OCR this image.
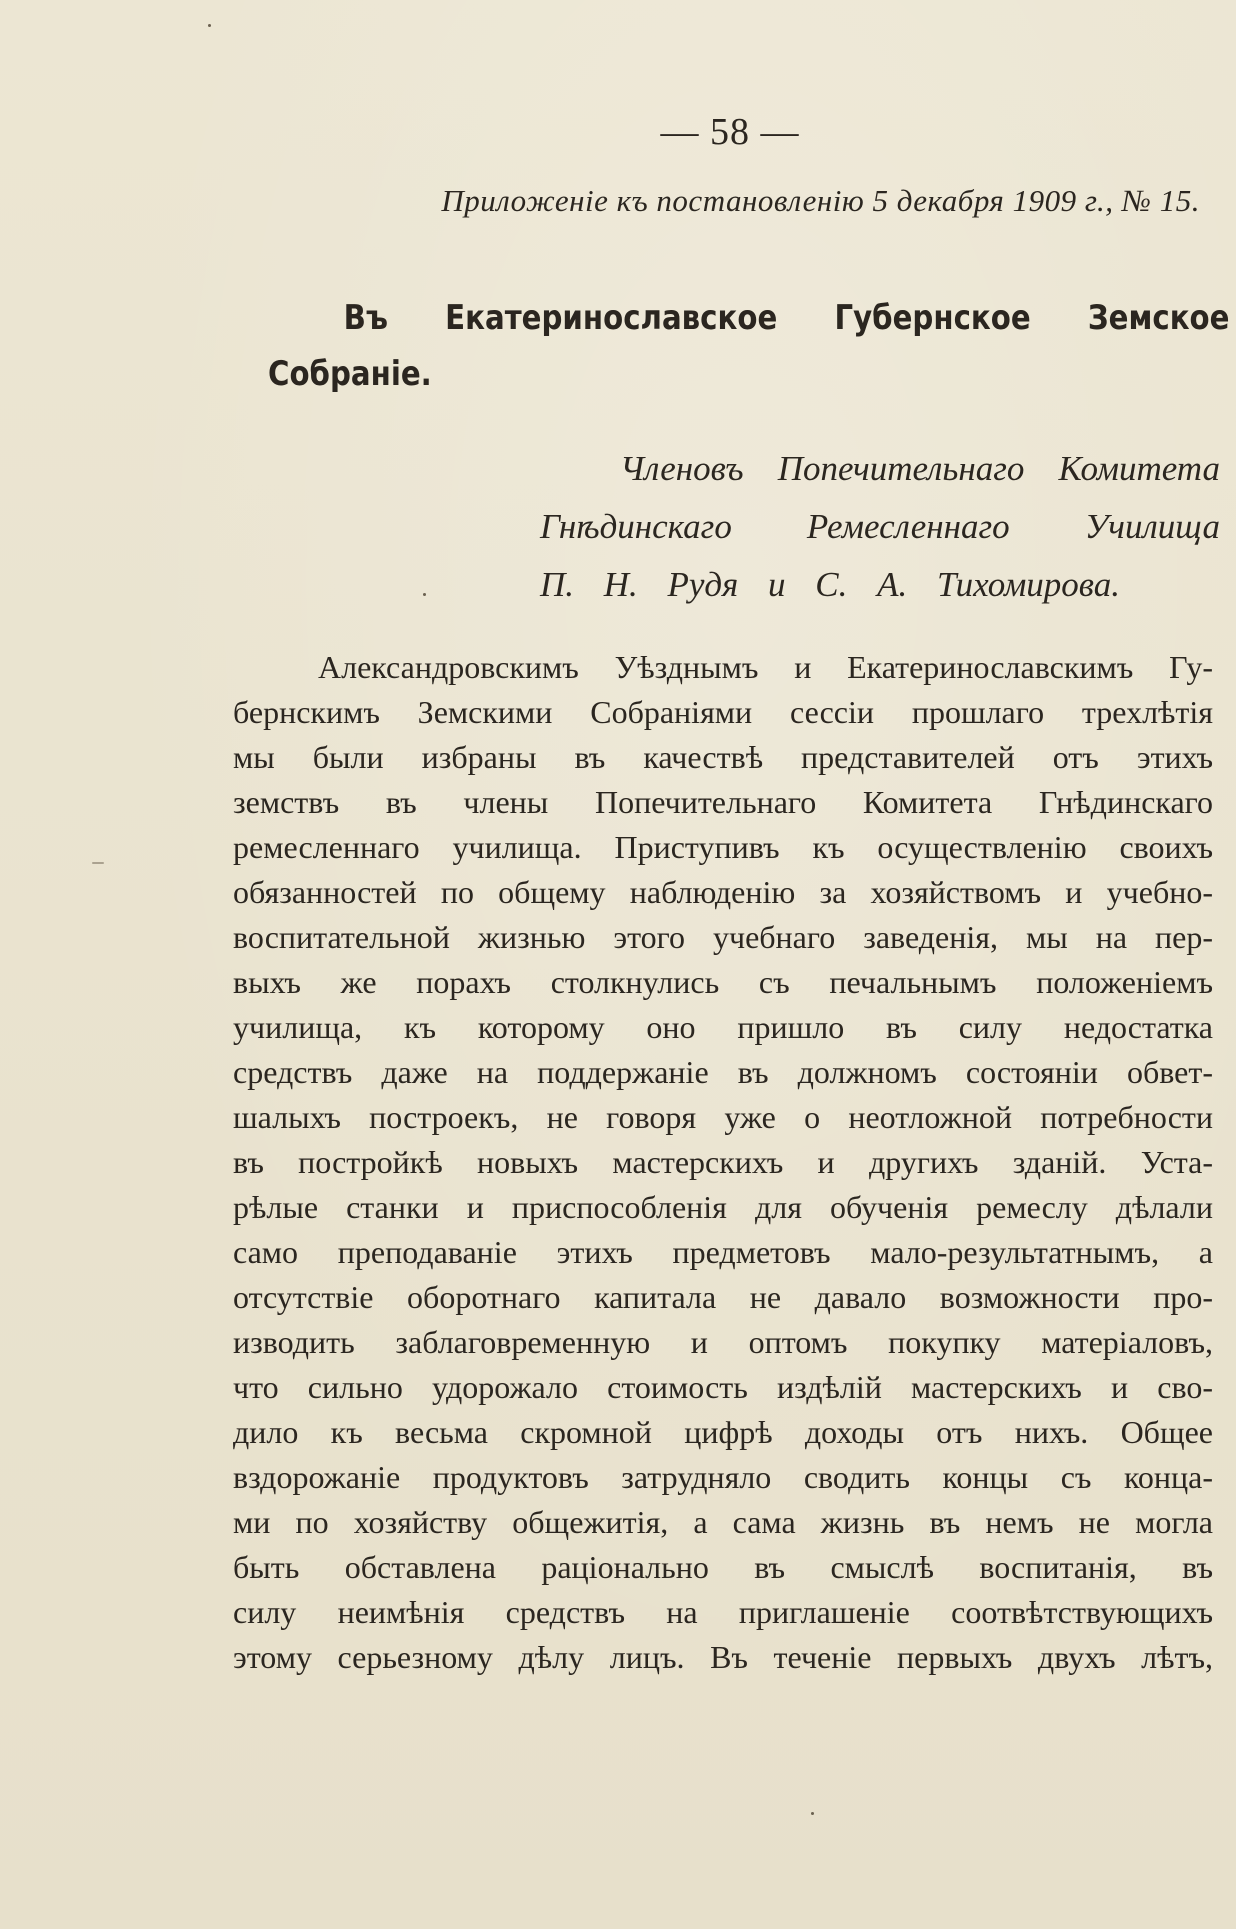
— 58 —
Приложеніе къ постановленію 5 декабря 1909 г., № 15.
Въ Екатеринославское Губернское Земское
Собраніе.
Членовъ Попечительнаго Комитета
Гнѣдинскаго Ремесленнаго Училища
П. Н. Рудя и С. А. Тихомирова.
Александровскимъ Уѣзднымъ и Екатеринославскимъ Гу-
бернскимъ Земскими Собраніями сессіи прошлаго трехлѣтія
мы были избраны въ качествѣ представителей отъ этихъ
земствъ въ члены Попечительнаго Комитета Гнѣдинскаго
ремесленнаго училища. Приступивъ къ осуществленію своихъ
обязанностей по общему наблюденію за хозяйствомъ и учебно-
воспитательной жизнью этого учебнаго заведенія, мы на пер-
выхъ же порахъ столкнулись съ печальнымъ положеніемъ
училища, къ которому оно пришло въ силу недостатка
средствъ даже на поддержаніе въ должномъ состояніи обвет-
шалыхъ построекъ, не говоря уже о неотложной потребности
въ постройкѣ новыхъ мастерскихъ и другихъ зданій. Уста-
рѣлые станки и приспособленія для обученія ремеслу дѣлали
само преподаваніе этихъ предметовъ мало-результатнымъ, а
отсутствіе оборотнаго капитала не давало возможности про-
изводить заблаговременную и оптомъ покупку матеріаловъ,
что сильно удорожало стоимость издѣлій мастерскихъ и сво-
дило къ весьма скромной цифрѣ доходы отъ нихъ. Общее
вздорожаніе продуктовъ затрудняло сводить концы съ конца-
ми по хозяйству общежитія, а сама жизнь въ немъ не могла
быть обставлена раціонально въ смыслѣ воспитанія, въ
силу неимѣнія средствъ на приглашеніе соотвѣтствующихъ
этому серьезному дѣлу лицъ. Въ теченіе первыхъ двухъ лѣтъ,
